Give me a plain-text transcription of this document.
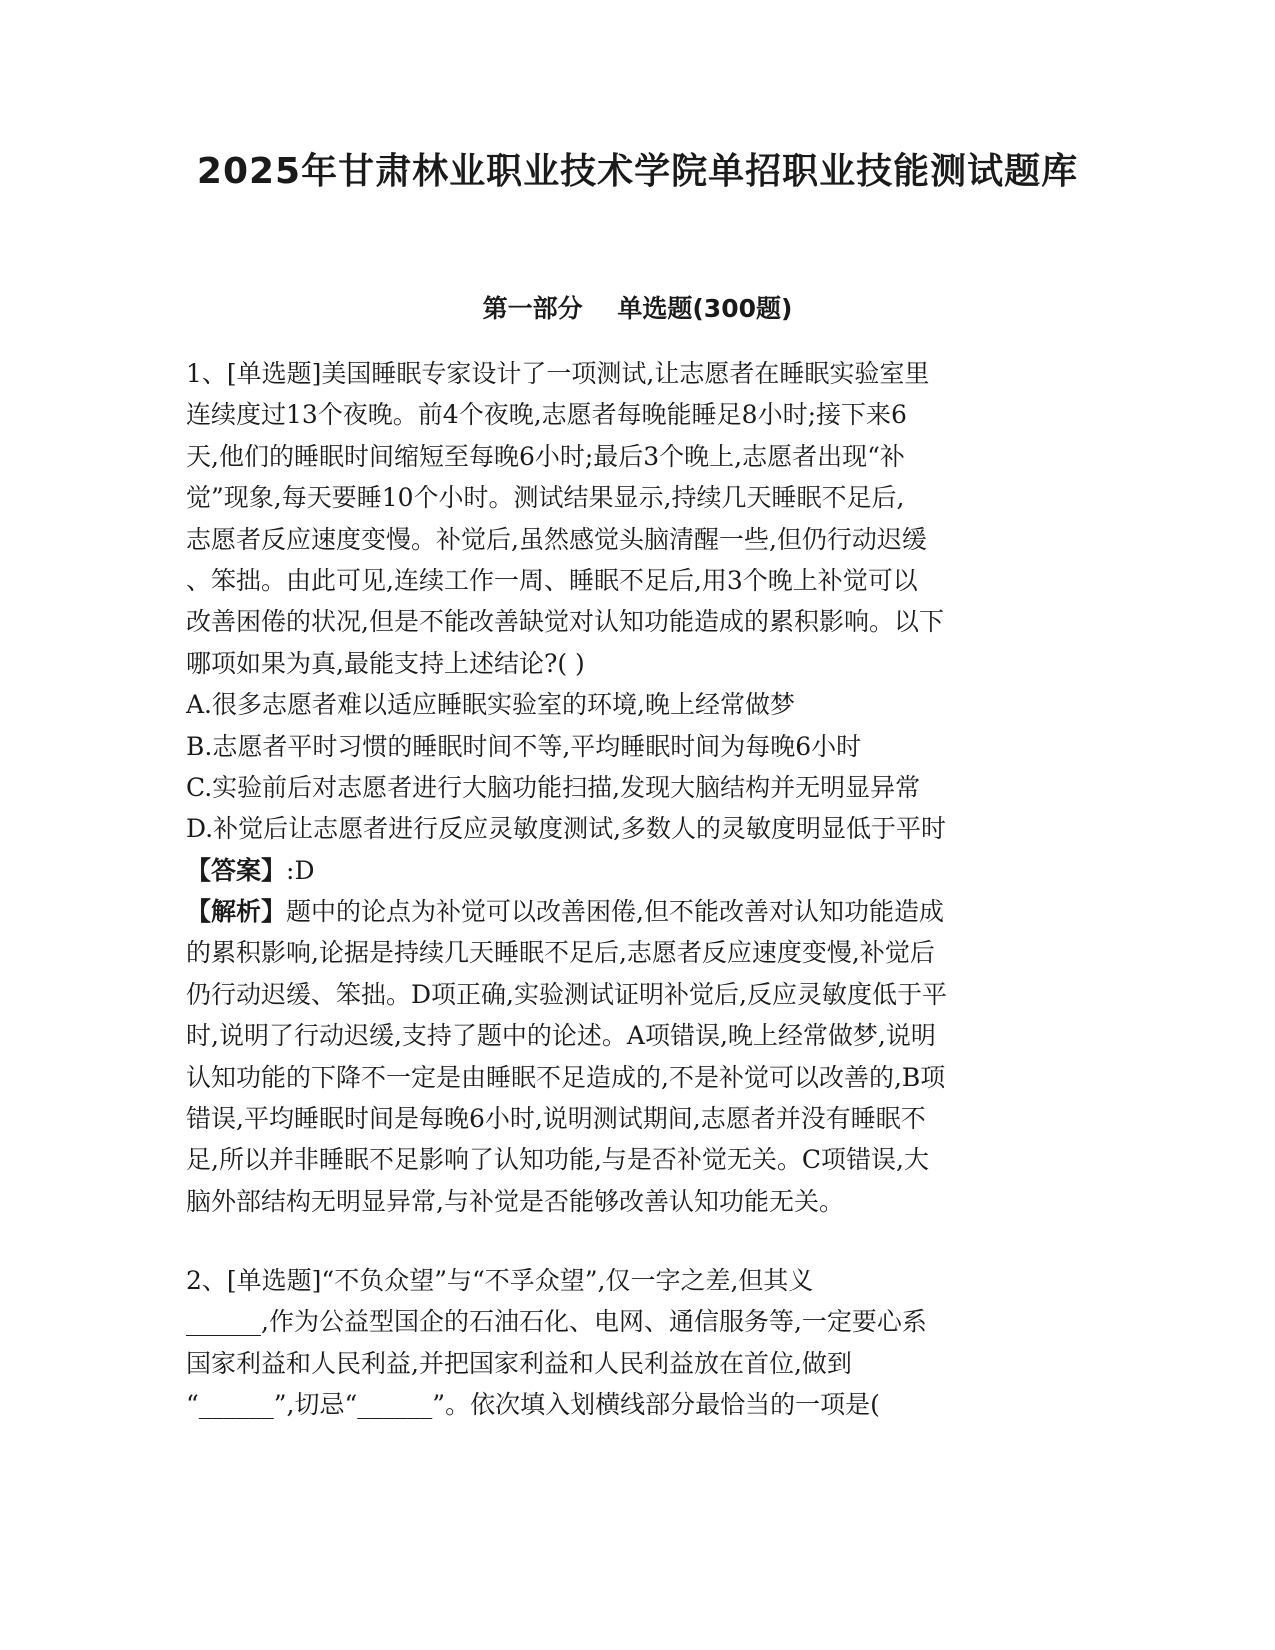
2025年甘肃林业职业技术学院单招职业技能测试题库
第一部分    单选题(300题)
1、[单选题]美国睡眠专家设计了一项测试,让志愿者在睡眠实验室里
连续度过13个夜晚。前4个夜晚,志愿者每晚能睡足8小时;接下来6
天,他们的睡眠时间缩短至每晚6小时;最后3个晚上,志愿者出现“补
觉”现象,每天要睡10个小时。测试结果显示,持续几天睡眠不足后,
志愿者反应速度变慢。补觉后,虽然感觉头脑清醒一些,但仍行动迟缓
、笨拙。由此可见,连续工作一周、睡眠不足后,用3个晚上补觉可以
改善困倦的状况,但是不能改善缺觉对认知功能造成的累积影响。以下
哪项如果为真,最能支持上述结论?( )
A.很多志愿者难以适应睡眠实验室的环境,晚上经常做梦
B.志愿者平时习惯的睡眠时间不等,平均睡眠时间为每晚6小时
C.实验前后对志愿者进行大脑功能扫描,发现大脑结构并无明显异常
D.补觉后让志愿者进行反应灵敏度测试,多数人的灵敏度明显低于平时
【答案】:D
【解析】题中的论点为补觉可以改善困倦,但不能改善对认知功能造成
的累积影响,论据是持续几天睡眠不足后,志愿者反应速度变慢,补觉后
仍行动迟缓、笨拙。D项正确,实验测试证明补觉后,反应灵敏度低于平
时,说明了行动迟缓,支持了题中的论述。A项错误,晚上经常做梦,说明
认知功能的下降不一定是由睡眠不足造成的,不是补觉可以改善的,B项
错误,平均睡眠时间是每晚6小时,说明测试期间,志愿者并没有睡眠不
足,所以并非睡眠不足影响了认知功能,与是否补觉无关。C项错误,大
脑外部结构无明显异常,与补觉是否能够改善认知功能无关。
2、[单选题]“不负众望”与“不孚众望”,仅一字之差,但其义
______,作为公益型国企的石油石化、电网、通信服务等,一定要心系
国家利益和人民利益,并把国家利益和人民利益放在首位,做到
“______”,切忌“______”。依次填入划横线部分最恰当的一项是(
